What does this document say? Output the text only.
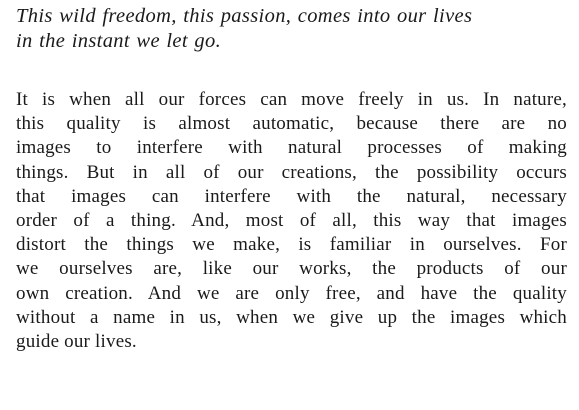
This wild freedom, this passion, comes into our lives
in the instant we let go.
It is when all our forces can move freely in us. In nature,
this quality is almost automatic, because there are no
images to interfere with natural processes of making
things. But in all of our creations, the possibility occurs
that images can interfere with the natural, necessary
order of a thing. And, most of all, this way that images
distort the things we make, is familiar in ourselves. For
we ourselves are, like our works, the products of our
own creation. And we are only free, and have the quality
without a name in us, when we give up the images which
guide our lives.
